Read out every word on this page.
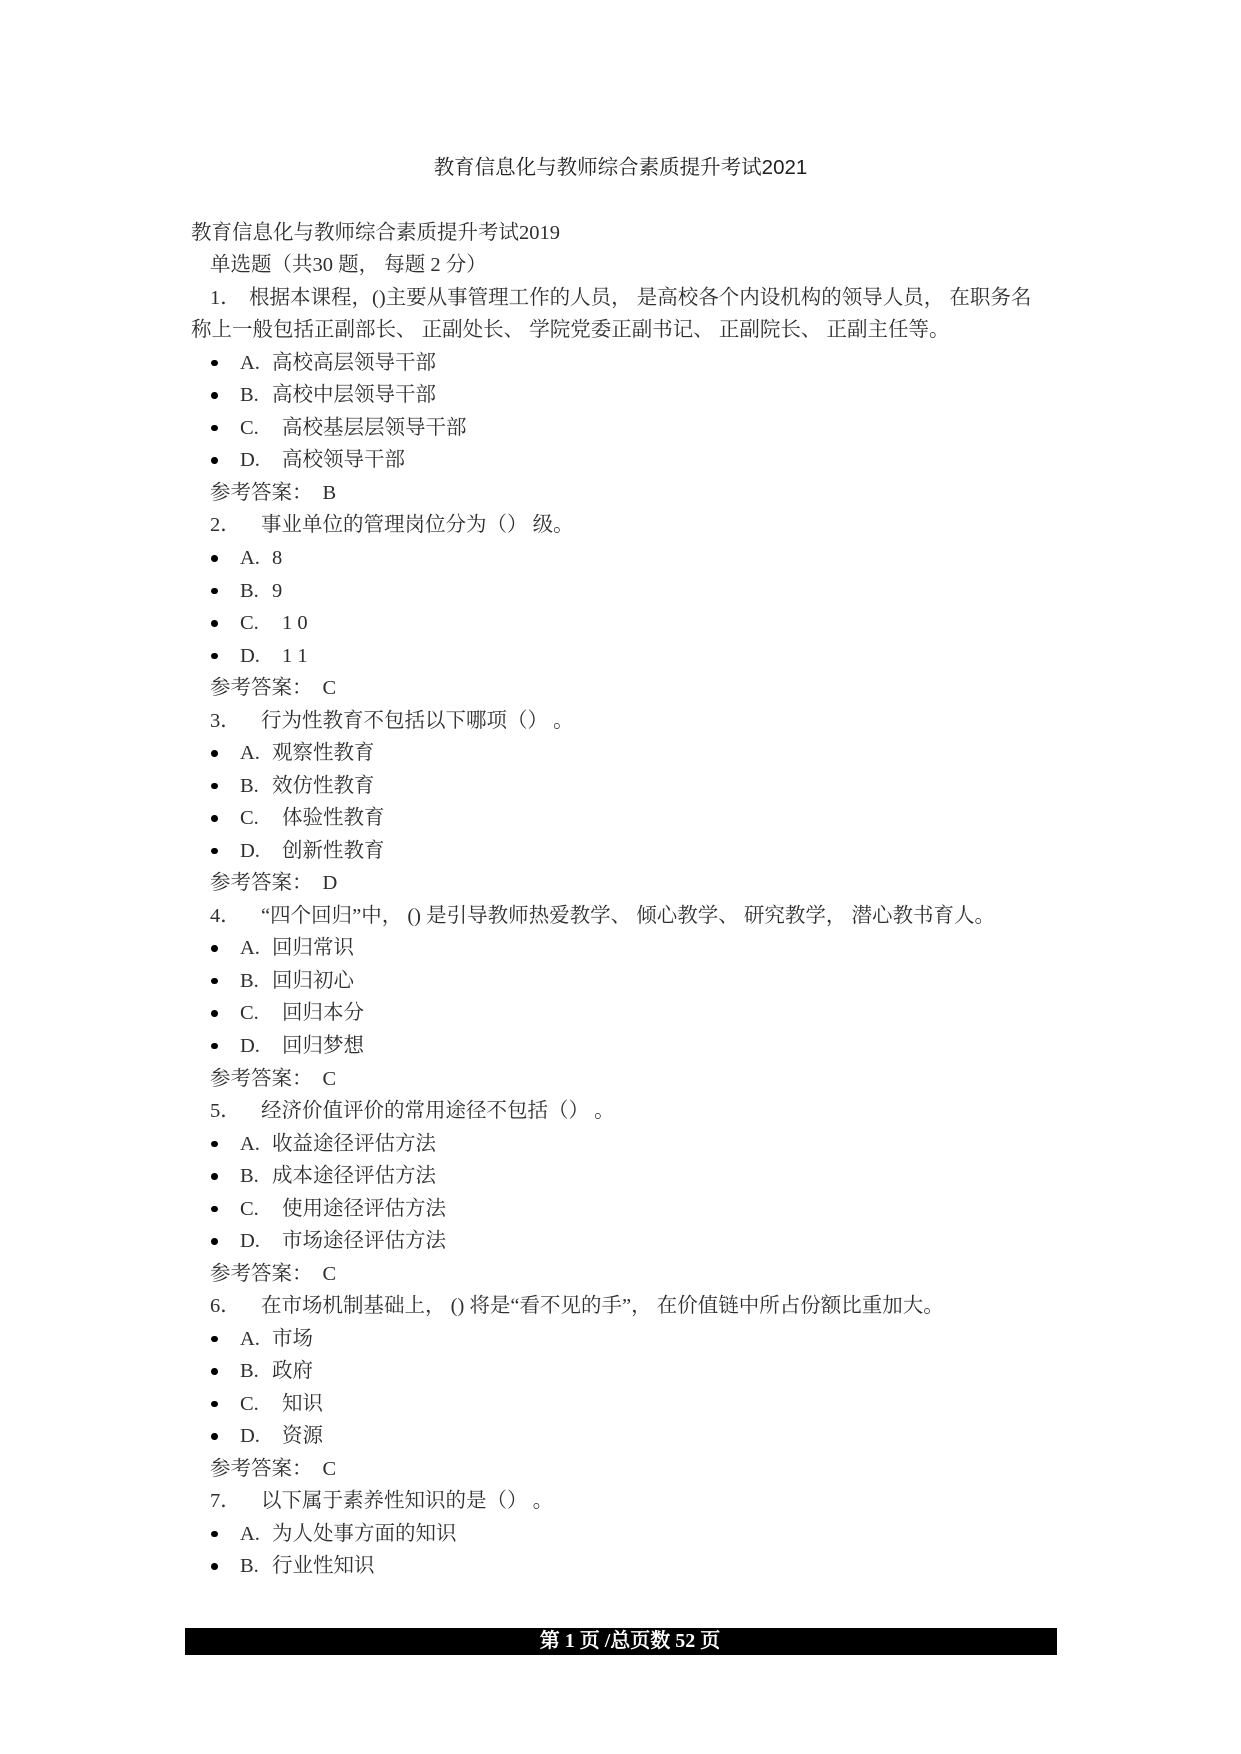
教育信息化与教师综合素质提升考试2021
教育信息化与教师综合素质提升考试2019
单选题（共30 题， 每题 2 分）
1． 根据本课程，()主要从事管理工作的人员， 是高校各个内设机构的领导人员， 在职务名
称上一般包括正副部长、 正副处长、 学院党委正副书记、 正副院长、 正副主任等。
A. 高校高层领导干部
B. 高校中层领导干部
C. 高校基层层领导干部
D. 高校领导干部
参考答案： B
2． 事业单位的管理岗位分为（） 级。
A. 8
B. 9
C. 1 0
D. 1 1
参考答案： C
3． 行为性教育不包括以下哪项（） 。
A. 观察性教育
B. 效仿性教育
C. 体验性教育
D. 创新性教育
参考答案： D
4． “四个回归”中， () 是引导教师热爱教学、 倾心教学、 研究教学， 潜心教书育人。
A. 回归常识
B. 回归初心
C. 回归本分
D. 回归梦想
参考答案： C
5． 经济价值评价的常用途径不包括（） 。
A. 收益途径评估方法
B. 成本途径评估方法
C. 使用途径评估方法
D. 市场途径评估方法
参考答案： C
6． 在市场机制基础上， () 将是“看不见的手”， 在价值链中所占份额比重加大。
A. 市场
B. 政府
C. 知识
D. 资源
参考答案： C
7． 以下属于素养性知识的是（） 。
A. 为人处事方面的知识
B. 行业性知识
第 1 页 /总页数 52 页
